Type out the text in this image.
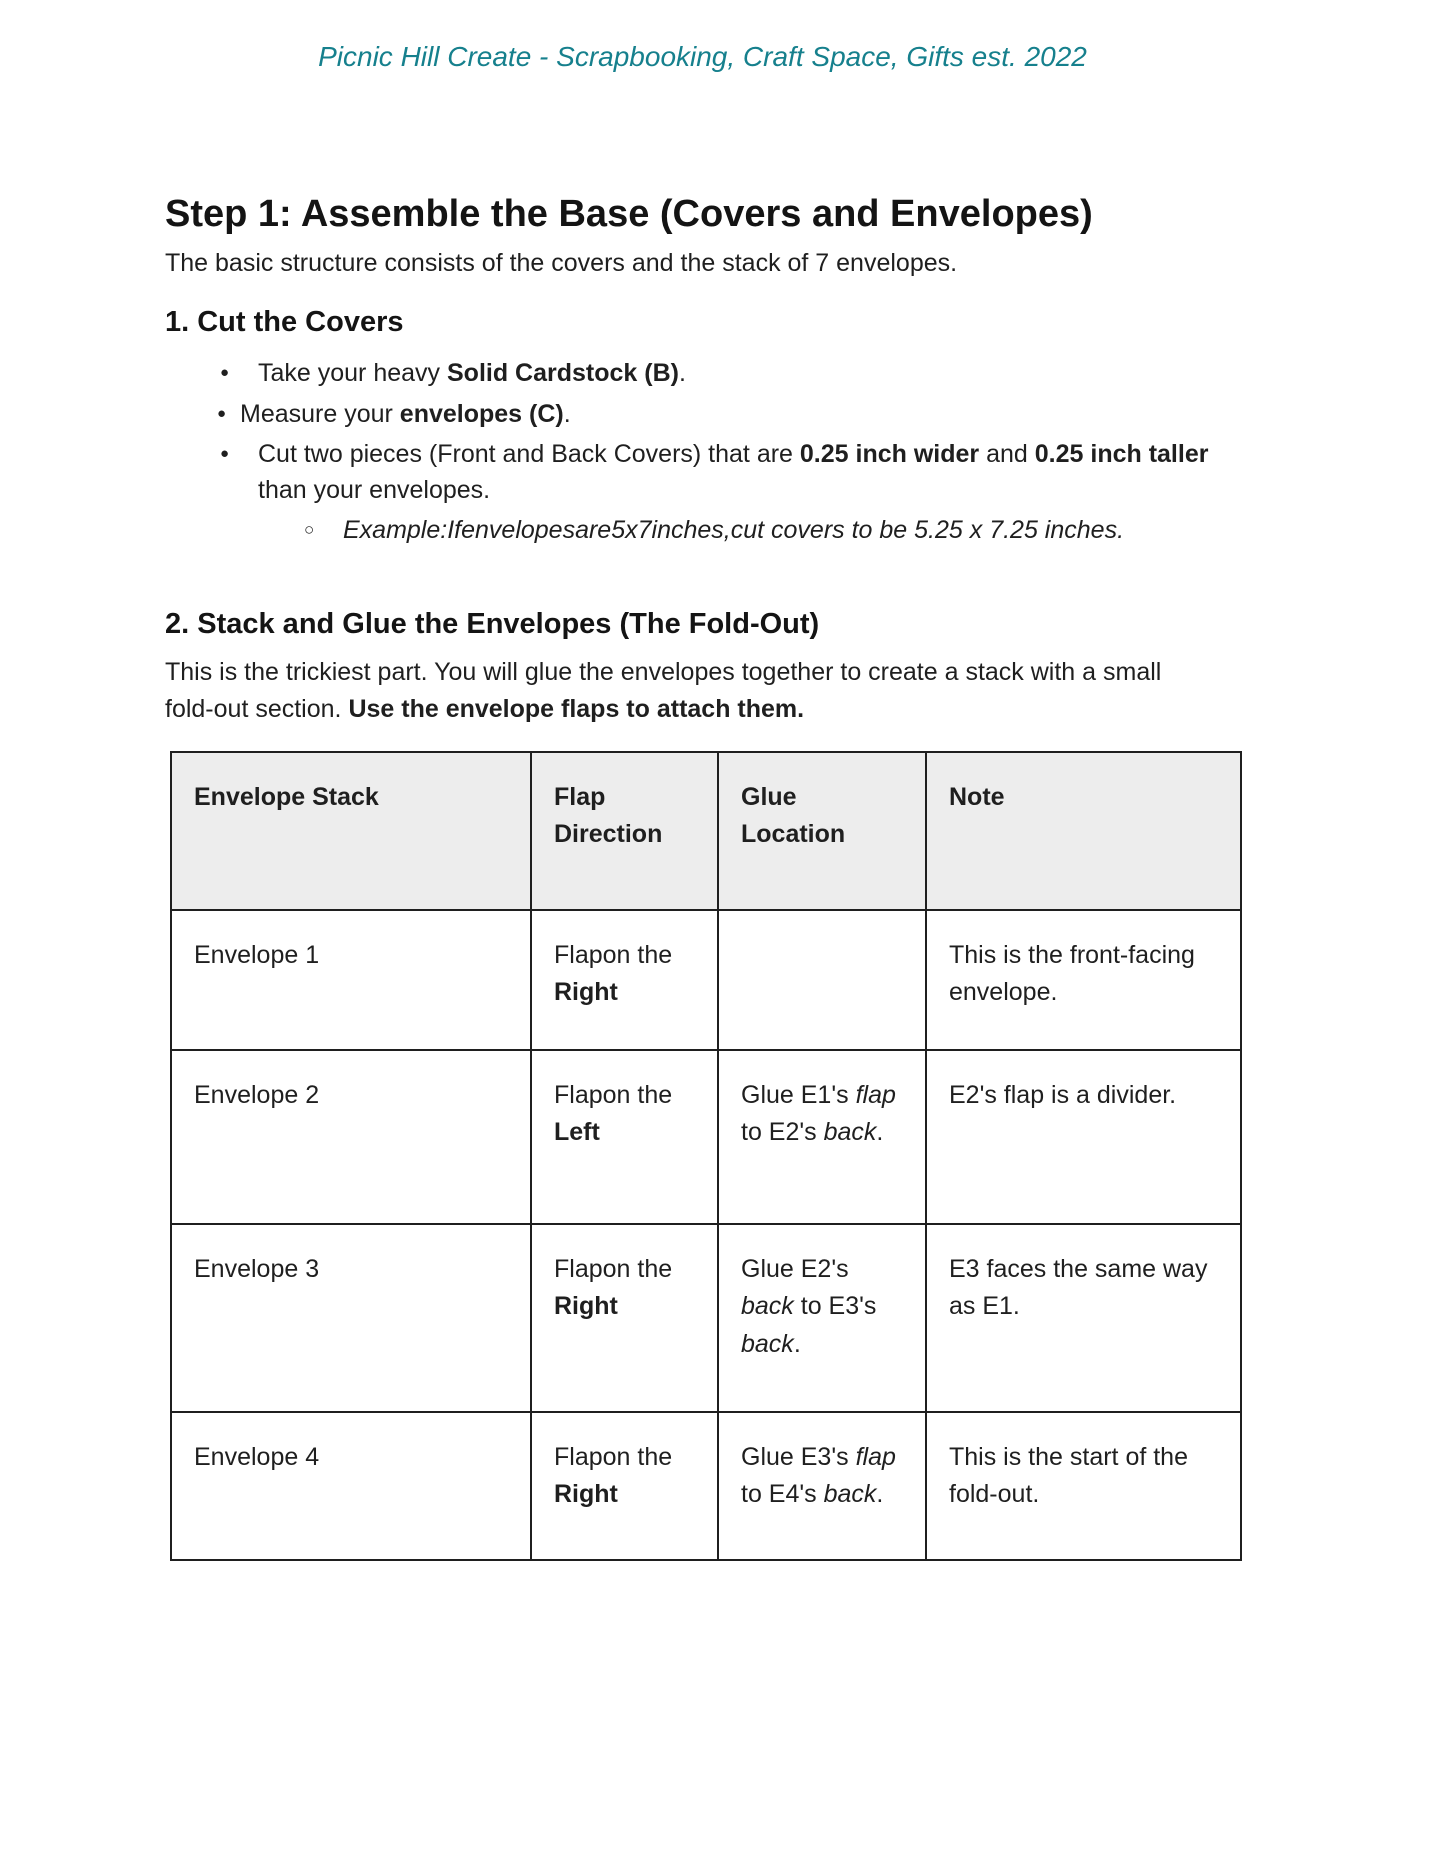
Picnic Hill Create - Scrapbooking, Craft Space, Gifts est. 2022
Step 1: Assemble the Base (Covers and Envelopes)

The basic structure consists of the covers and the stack of 7 envelopes.

1. Cut the Covers
● Take your heavy Solid Cardstock (B).
● Measure your envelopes (C).
● Cut two pieces (Front and Back Covers) that are 0.25 inch wider and 0.25 inch taller
than your envelopes.
○ Example:Ifenvelopesare5x7inches,cut covers to be 5.25 x 7.25 inches.
2. Stack and Glue the Envelopes (The Fold-Out)

This is the trickiest part. You will glue the envelopes together to create a stack with a small
fold-out section. Use the envelope flaps to attach them.

Envelope Stack	Flap Direction	Glue Location	Note
Envelope 1	Flapon the Right		This is the front-facing envelope.
Envelope 2	Flapon the Left	Glue E1's flap to E2's back.	E2's flap is a divider.
Envelope 3	Flapon the Right	Glue E2's back to E3's back.	E3 faces the same way as E1.
Envelope 4	Flapon the Right	Glue E3's flap to E4's back.	This is the start of the fold-out.
